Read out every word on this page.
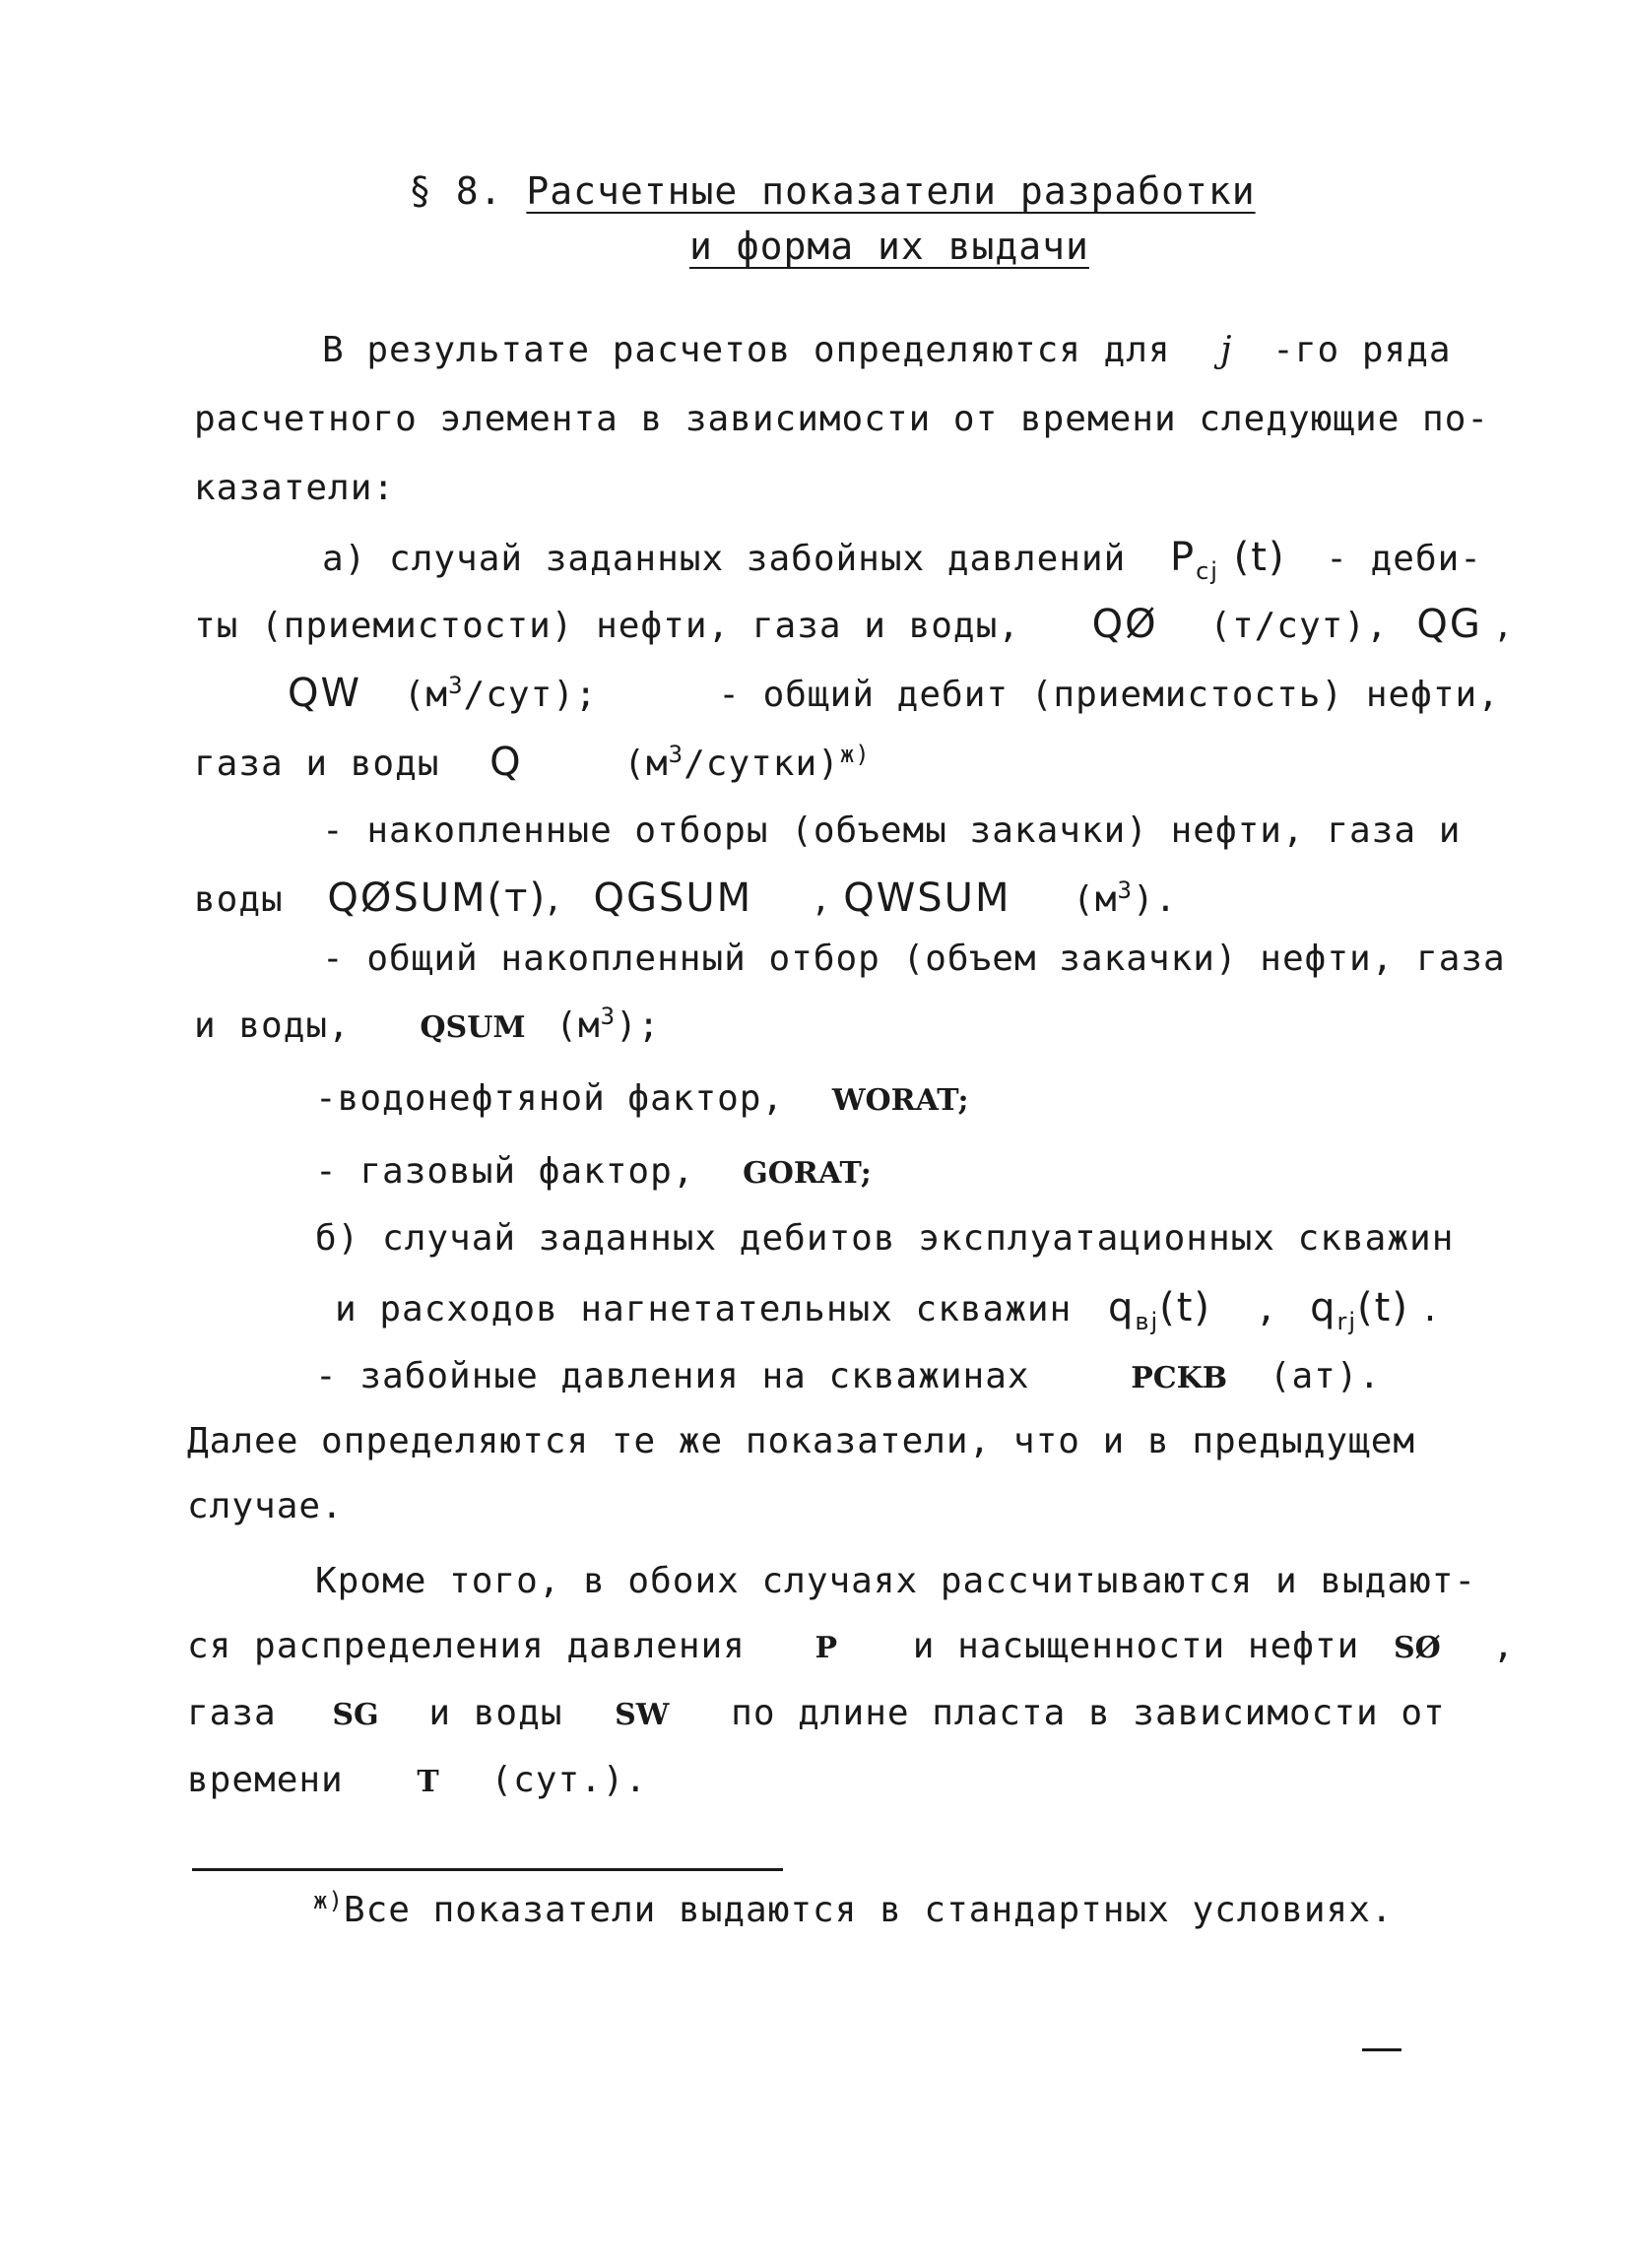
§ 8. Расчетные показатели разработки
и форма их выдачи
В результате расчетов определяются для j -го ряда
расчетного элемента в зависимости от времени следующие по-
казатели:
а) случай заданных забойных давлений $P_{cj}$ (t) - деби-
ты (приемистости) нефти, газа и воды, QØ (т/сут), QG ,
QW $(м^3/сут)$;	- общий дебит (приемистость) нефти,
газа и воды Q	$(м^3/сутки)^{ж)}$
- накопленные отборы (объемы закачки) нефти, газа и
воды QØSUM(т), QGSUM , QWSUM $(м^3)$.
- общий накопленный отбор (объем закачки) нефти, газа
и воды, QSUM $(м^3)$;
-водонефтяной фактор, WORAT;
- газовый фактор, GORAT;
б) случай заданных дебитов эксплуатационных скважин
и расходов нагнетательных скважин $q_{вj}(t)$ , $q_{rj}(t)$ .
- забойные давления на скважинах	PCKB (ат).
Далее определяются те же показатели, что и в предыдущем
случае.
Кроме того, в обоих случаях рассчитываются и выдают-
ся распределения давления P и насыщенности нефти SØ ,
газа SG и воды SW по длине пласта в зависимости от
времени T (сут.).
$^{ж)}$Все показатели выдаются в стандартных условиях.
